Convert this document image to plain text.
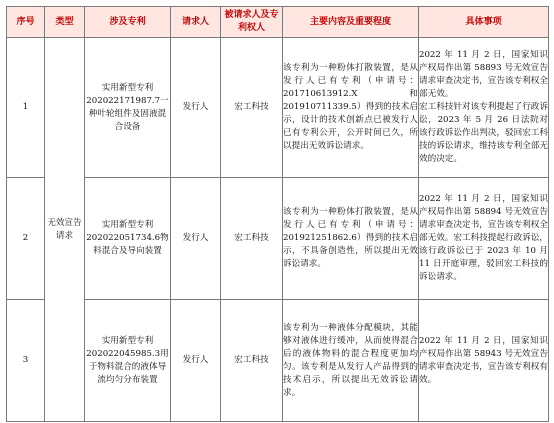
序号	类型	涉及专利	请求人	被请求人及专利权人	主要内容及重要程度	具体事项
1	无效宣告请求	实用新型专利202022171987.7一种叶轮组件及固液混合设备	发行人	宏工科技	该专利为一种粉体打散装置，是从发行人已有专利（申请号：201710613912.X 和201910711339.5）得到的技术启示，设计的技术创新点已被发行人已有专利公开，公开时间已久，所以提出无效诉讼请求。	2022 年 11 月 2 日，国家知识产权局作出第 58893 号无效宣告请求审查决定书，宣告该专利权全部无效。

宏工科技针对该专利提起了行政诉讼，2023 年 5 月 26 日法院对该行政诉讼作出判决，驳回宏工科技的诉讼请求，维持该专利全部无效的决定。

2		实用新型专利202022051734.6物料混合及导向装置	发行人	宏工科技	该专利为一种粉体打散装置，是从发行人已有专利（申请号：201921251862.6）得到的技术启示，不具备创造性，所以提出无效诉讼请求。	2022 年 11 月 2 日，国家知识产权局作出第 58894 号无效宣告请求审查决定书，宣告该专利权全部无效。宏工科技提起行政诉讼，该行政诉讼已于 2023 年 10 月 11 日开庭审理，驳回宏工科技的诉讼请求。

3		实用新型专利202022045985.3用于物料混合的液体导流均匀分布装置	发行人	宏工科技	该专利为一种液体分配模块，其能够对液体进行缓冲，从而使得混合后的液体物料的混合程度更加均匀。该专利是从发行人产品得到的技术启示，所以提出无效诉讼请求。	2022 年 11 月 2 日，国家知识产权局作出第 58943 号无效宣告请求审查决定书，宣告该专利权有效。
